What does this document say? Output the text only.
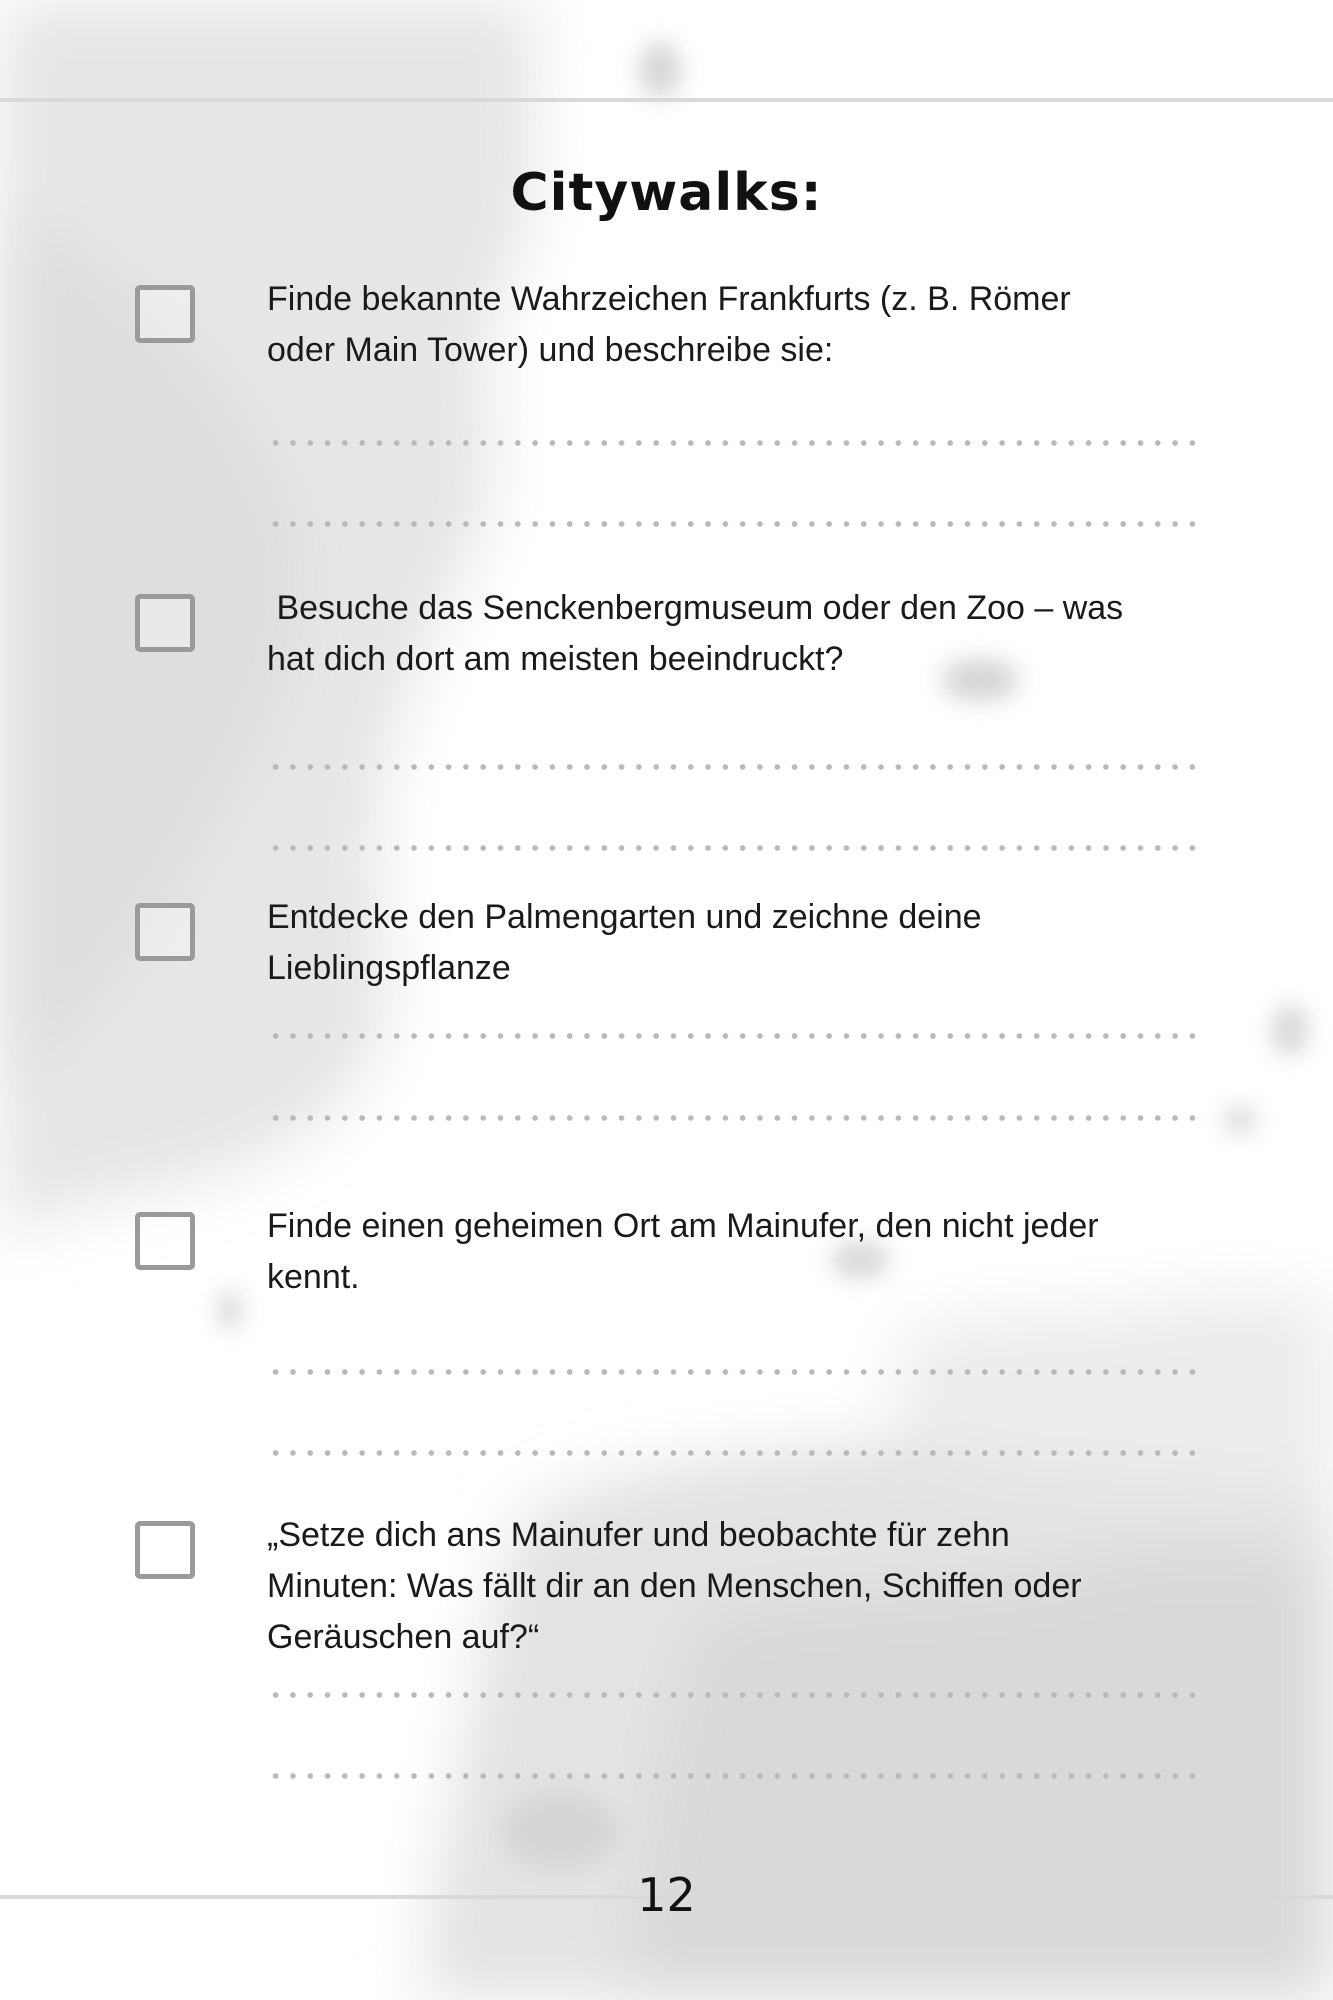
Citywalks:
Finde bekannte Wahrzeichen Frankfurts (z. B. Römer
oder Main Tower) und beschreibe sie:
Besuche das Senckenbergmuseum oder den Zoo – was
hat dich dort am meisten beeindruckt?
Entdecke den Palmengarten und zeichne deine
Lieblingspflanze
Finde einen geheimen Ort am Mainufer, den nicht jeder
kennt.
„Setze dich ans Mainufer und beobachte für zehn
Minuten: Was fällt dir an den Menschen, Schiffen oder
Geräuschen auf?“
12
